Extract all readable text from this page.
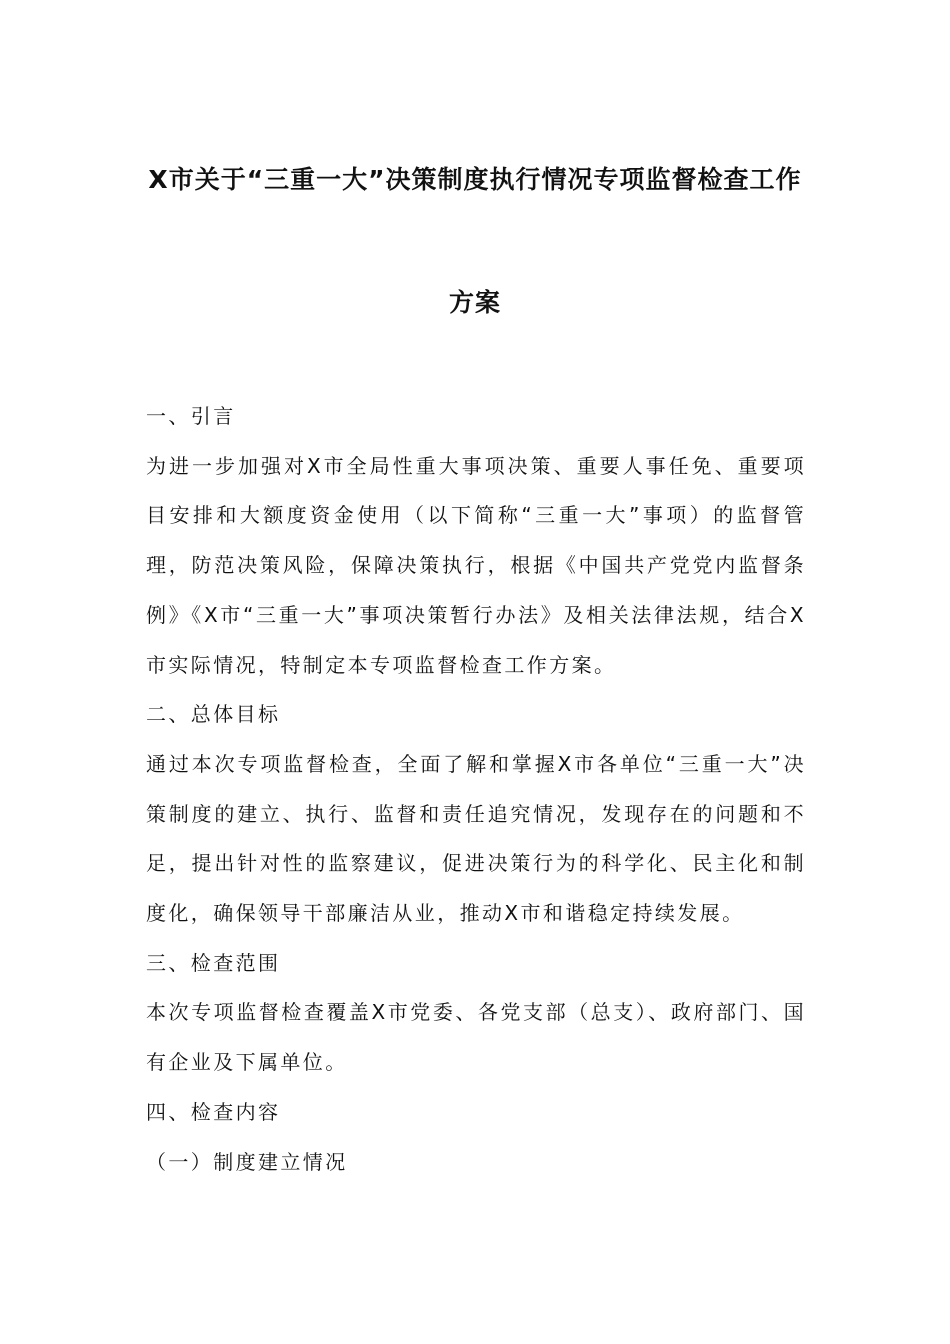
X市关于“三重一大”决策制度执行情况专项监督检查工作
方案

一、引言

为进一步加强对X市全局性重大事项决策、重要人事任免、重要项目安排和大额度资金使用（以下简称“三重一大”事项）的监督管理，防范决策风险，保障决策执行，根据《中国共产党党内监督条例》《X市“三重一大”事项决策暂行办法》及相关法律法规，结合X市实际情况，特制定本专项监督检查工作方案。

二、总体目标

通过本次专项监督检查，全面了解和掌握X市各单位“三重一大”决策制度的建立、执行、监督和责任追究情况，发现存在的问题和不足，提出针对性的监察建议，促进决策行为的科学化、民主化和制度化，确保领导干部廉洁从业，推动X市和谐稳定持续发展。

三、检查范围

本次专项监督检查覆盖X市党委、各党支部（总支）、政府部门、国有企业及下属单位。

四、检查内容

（一）制度建立情况
